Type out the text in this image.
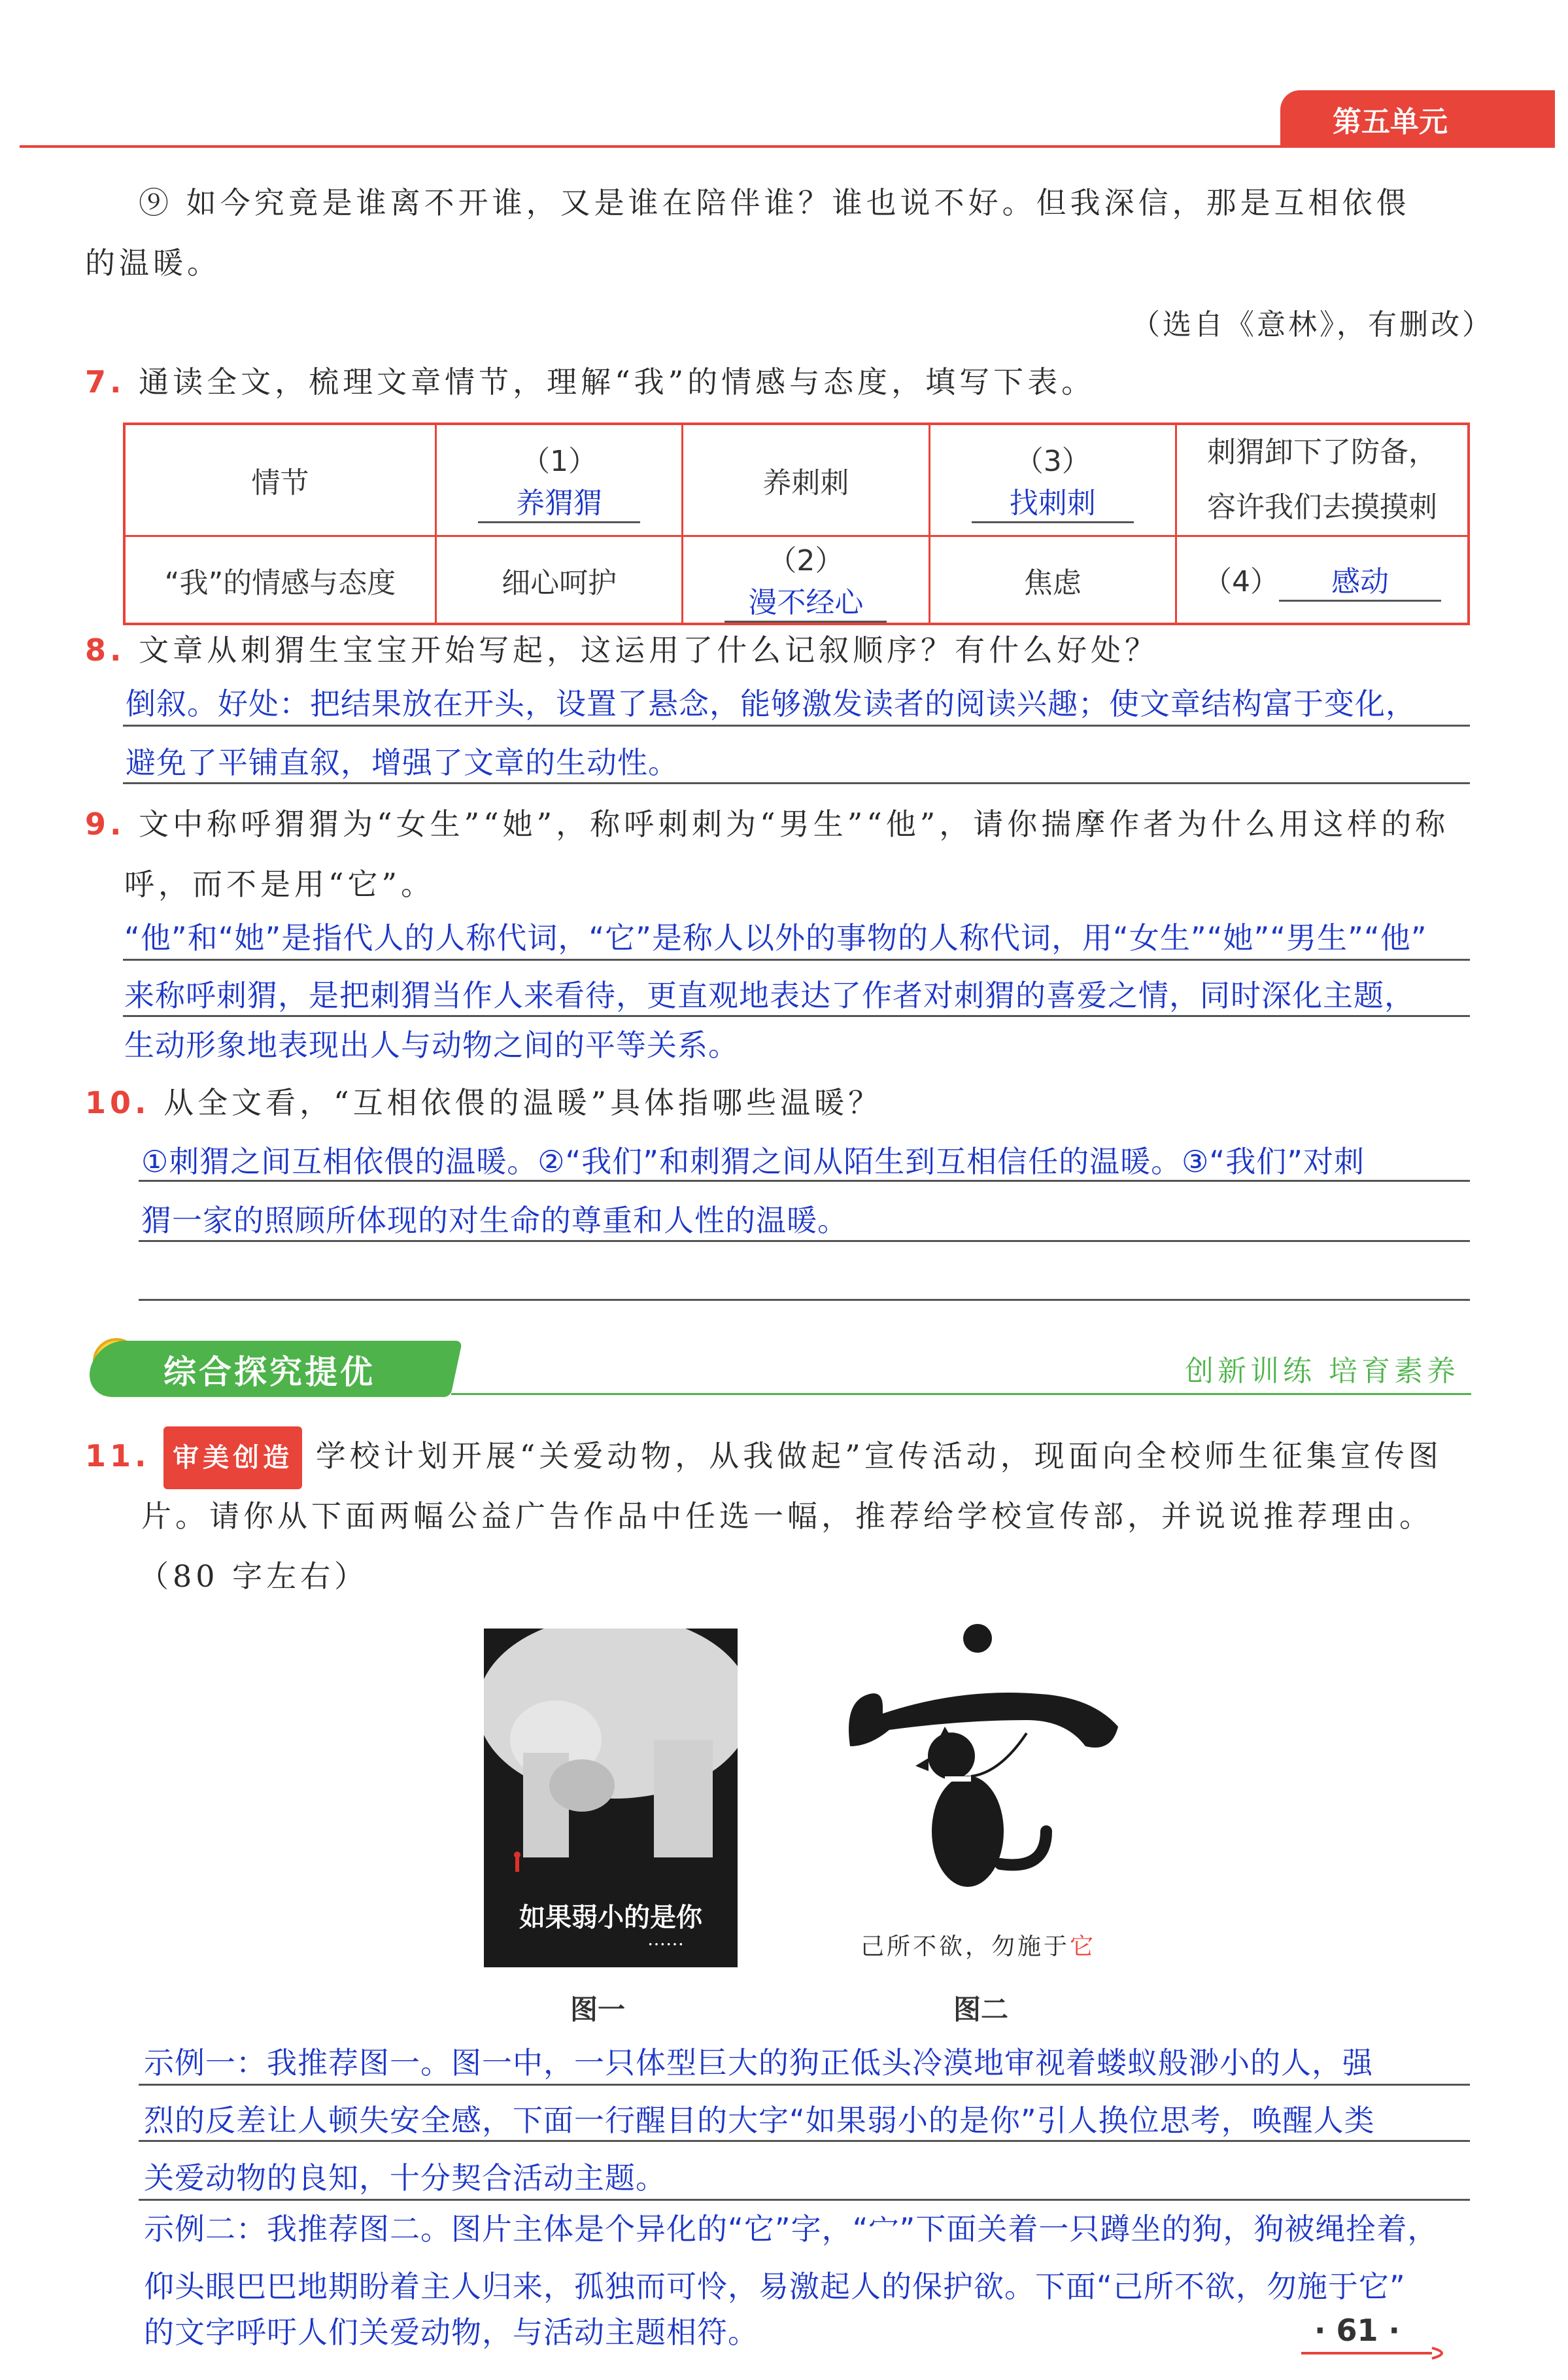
第五单元
⑨ 如今究竟是谁离不开谁，又是谁在陪伴谁？谁也说不好。但我深信，那是互相依偎
的温暖。
（选自《意林》，有删改）
7. 通读全文，梳理文章情节，理解“我”的情感与态度，填写下表。
情节	（1）养猬猬	养刺刺	（3）找刺刺	刺猬卸下了防备，
容许我们去摸摸刺

“我”的情感与态度	细心呵护	（2）漫不经心	焦虑	（4） 感动
8. 文章从刺猬生宝宝开始写起，这运用了什么记叙顺序？有什么好处？
倒叙。好处：把结果放在开头，设置了悬念，能够激发读者的阅读兴趣；使文章结构富于变化，
避免了平铺直叙，增强了文章的生动性。
9. 文中称呼猬猬为“女生”“她”，称呼刺刺为“男生”“他”，请你揣摩作者为什么用这样的称
呼，而不是用“它”。
“他”和“她”是指代人的人称代词，“它”是称人以外的事物的人称代词，用“女生”“她”“男生”“他”
来称呼刺猬，是把刺猬当作人来看待，更直观地表达了作者对刺猬的喜爱之情，同时深化主题，
生动形象地表现出人与动物之间的平等关系。
10. 从全文看，“互相依偎的温暖”具体指哪些温暖？
①刺猬之间互相依偎的温暖。②“我们”和刺猬之间从陌生到互相信任的温暖。③“我们”对刺
猬一家的照顾所体现的对生命的尊重和人性的温暖。
综合探究提优	创新训练 培育素养
11. 审美创造 学校计划开展“关爱动物，从我做起”宣传活动，现面向全校师生征集宣传图
片。请你从下面两幅公益广告作品中任选一幅，推荐给学校宣传部，并说说推荐理由。
（80 字左右）
如果弱小的是你
……	己所不欲，勿施于它
图一	图二
示例一：我推荐图一。图一中，一只体型巨大的狗正低头冷漠地审视着蝼蚁般渺小的人，强
烈的反差让人顿失安全感，下面一行醒目的大字“如果弱小的是你”引人换位思考，唤醒人类
关爱动物的良知，十分契合活动主题。
示例二：我推荐图二。图片主体是个异化的“它”字，“宀”下面关着一只蹲坐的狗，狗被绳拴着，
仰头眼巴巴地期盼着主人归来，孤独而可怜，易激起人的保护欲。下面“己所不欲，勿施于它”
的文字呼吁人们关爱动物，与活动主题相符。	· 61 ·
